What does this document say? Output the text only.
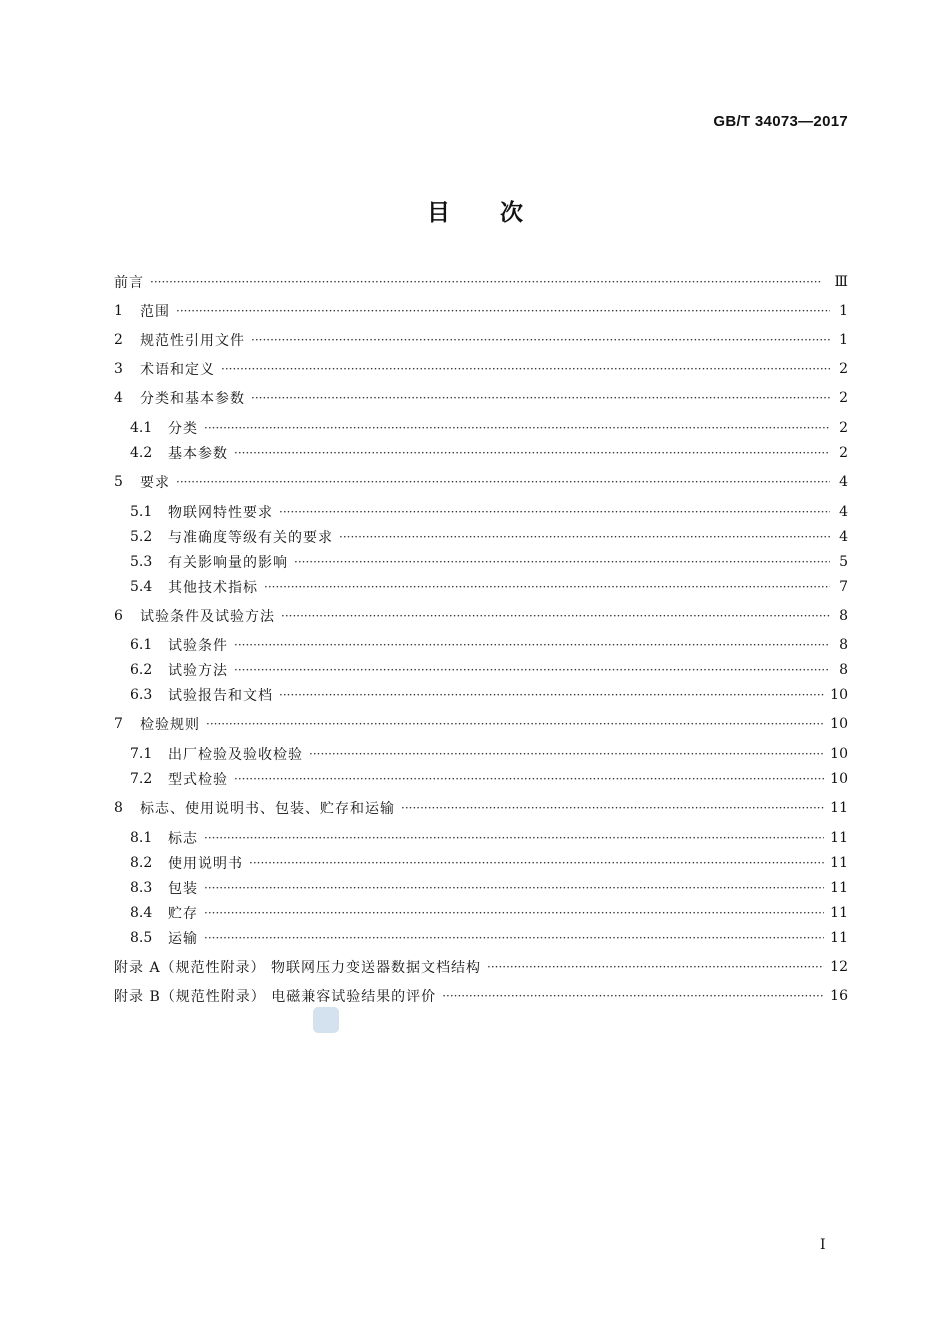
GB/T 34073—2017
目 次
前言 ·····	Ⅲ
1	范围 ·····	1
2	规范性引用文件 ·····	1
3	术语和定义 ·····	2
4	分类和基本参数 ·····	2
4.1	分类 ·····	2
4.2	基本参数 ·····	2
5	要求 ·····	4
5.1	物联网特性要求 ·····	4
5.2	与准确度等级有关的要求 ·····	4
5.3	有关影响量的影响 ·····	5
5.4	其他技术指标 ·····	7
6	试验条件及试验方法 ·····	8
6.1	试验条件 ·····	8
6.2	试验方法 ·····	8
6.3	试验报告和文档 ·····	10
7	检验规则 ·····	10
7.1	出厂检验及验收检验 ·····	10
7.2	型式检验 ·····	10
8	标志、使用说明书、包装、贮存和运输 ·····	11
8.1	标志 ·····	11
8.2	使用说明书 ·····	11
8.3	包装 ·····	11
8.4	贮存 ·····	11
8.5	运输 ·····	11
附录 A（规范性附录） 物联网压力变送器数据文档结构 ·····	12
附录 B（规范性附录） 电磁兼容试验结果的评价 ·····	16
I
